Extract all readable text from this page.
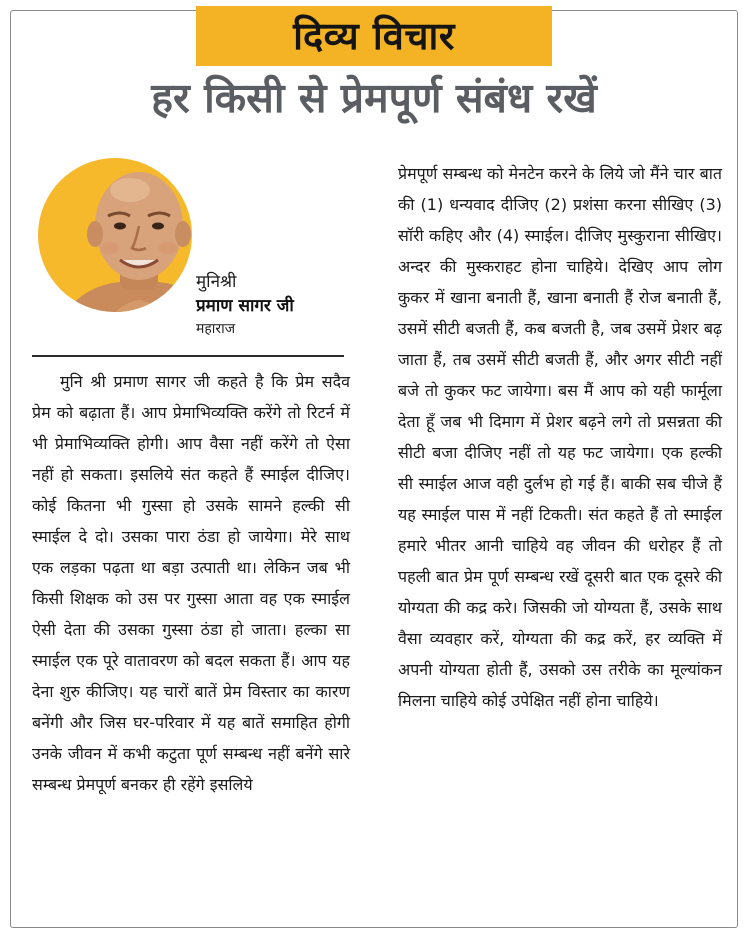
दिव्य विचार
हर किसी से प्रेमपूर्ण संबंध रखें
मुनिश्री
प्रमाण सागर जी
महाराज
मुनि श्री प्रमाण सागर जी कहते है कि प्रेम सदैव प्रेम को बढ़ाता हैं। आप प्रेमाभिव्यक्ति करेंगे तो रिटर्न में भी प्रेमाभिव्यक्ति होगी। आप वैसा नहीं करेंगे तो ऐसा नहीं हो सकता। इसलिये संत कहते हैं स्माईल दीजिए। कोई कितना भी गुस्सा हो उसके सामने हल्की सी स्माईल दे दो। उसका पारा ठंडा हो जायेगा। मेरे साथ एक लड़का पढ़ता था बड़ा उत्पाती था। लेकिन जब भी किसी शिक्षक को उस पर गुस्सा आता वह एक स्माईल ऐसी देता की उसका गुस्सा ठंडा हो जाता। हल्का सा स्माईल एक पूरे वातावरण को बदल सकता हैं। आप यह देना शुरु कीजिए। यह चारों बातें प्रेम विस्तार का कारण बनेंगी और जिस घर-परिवार में यह बातें समाहित होगी उनके जीवन में कभी कटुता पूर्ण सम्बन्ध नहीं बनेंगे सारे सम्बन्ध प्रेमपूर्ण बनकर ही रहेंगे इसलिये
प्रेमपूर्ण सम्बन्ध को मेनटेन करने के लिये जो मैंने चार बात की (1) धन्यवाद दीजिए (2) प्रशंसा करना सीखिए (3) सॉरी कहिए और (4) स्माईल। दीजिए मुस्कुराना सीखिए। अन्दर की मुस्कराहट होना चाहिये। देखिए आप लोग कुकर में खाना बनाती हैं, खाना बनाती हैं रोज बनाती हैं, उसमें सीटी बजती हैं, कब बजती है, जब उसमें प्रेशर बढ़ जाता हैं, तब उसमें सीटी बजती हैं, और अगर सीटी नहीं बजे तो कुकर फट जायेगा। बस मैं आप को यही फार्मूला देता हूँ जब भी दिमाग में प्रेशर बढ़ने लगे तो प्रसन्नता की सीटी बजा दीजिए नहीं तो यह फट जायेगा। एक हल्की सी स्माईल आज वही दुर्लभ हो गई हैं। बाकी सब चीजे हैं यह स्माईल पास में नहीं टिकती। संत कहते हैं तो स्माईल हमारे भीतर आनी चाहिये वह जीवन की धरोहर हैं तो पहली बात प्रेम पूर्ण सम्बन्ध रखें दूसरी बात एक दूसरे की योग्यता की कद्र करे। जिसकी जो योग्यता हैं, उसके साथ वैसा व्यवहार करें, योग्यता की कद्र करें, हर व्यक्ति में अपनी योग्यता होती हैं, उसको उस तरीके का मूल्यांकन मिलना चाहिये कोई उपेक्षित नहीं होना चाहिये।
